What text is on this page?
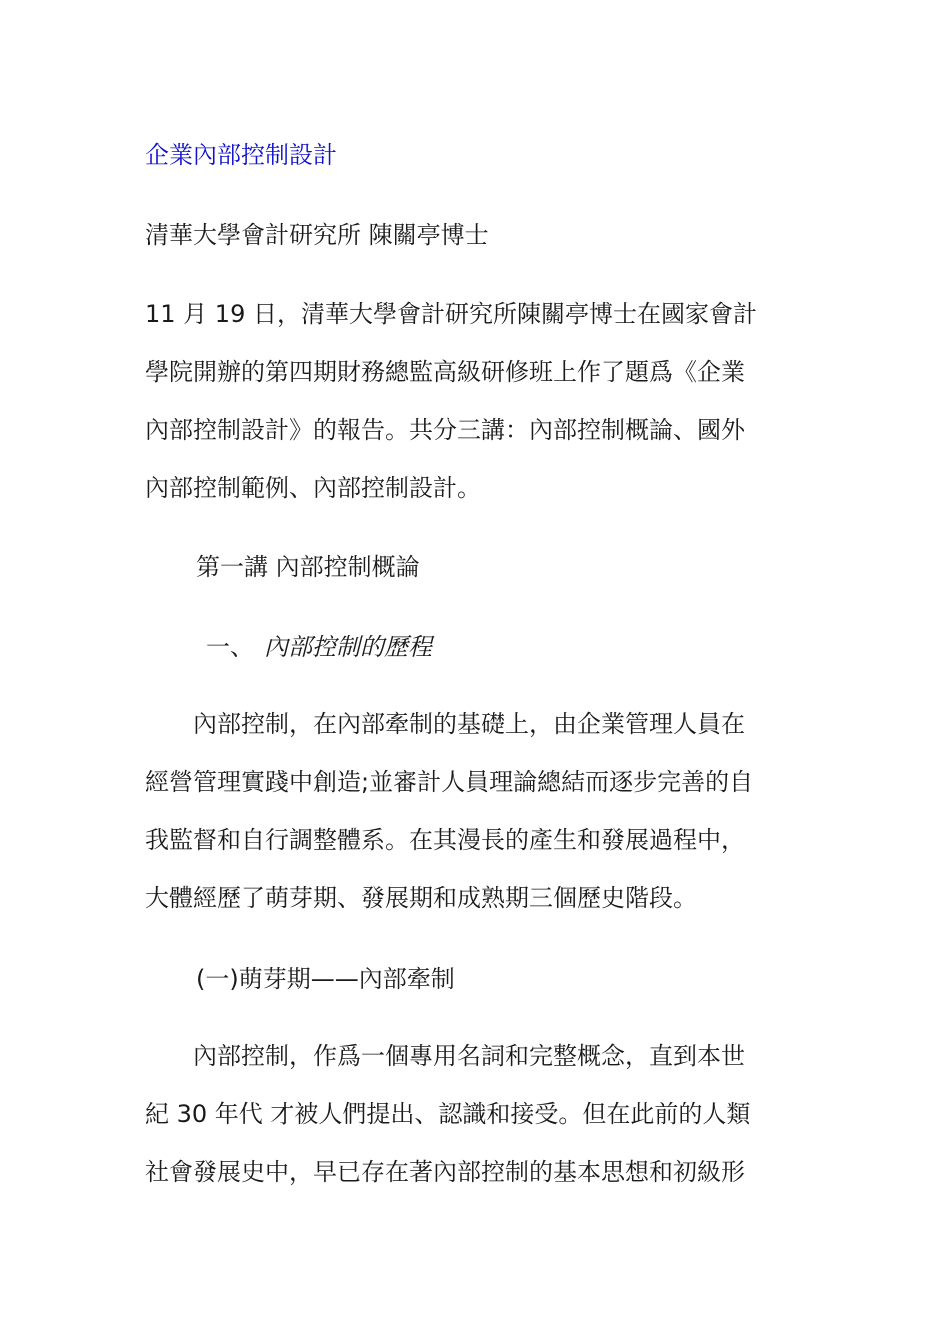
企業內部控制設計
清華大學會計研究所 陳關亭博士
11 月 19 日，清華大學會計研究所陳關亭博士在國家會計
學院開辦的第四期財務總監高級研修班上作了題爲《企業
內部控制設計》的報告。共分三講：內部控制概論、國外
內部控制範例、內部控制設計。
第一講 內部控制概論
一、 內部控制的歷程
　　內部控制，在內部牽制的基礎上，由企業管理人員在
經營管理實踐中創造;並審計人員理論總結而逐步完善的自
我監督和自行調整體系。在其漫長的產生和發展過程中，
大體經歷了萌芽期、發展期和成熟期三個歷史階段。
(一)萌芽期——內部牽制
　　內部控制，作爲一個專用名詞和完整概念，直到本世
紀 30 年代 才被人們提出、認識和接受。但在此前的人類
社會發展史中，早已存在著內部控制的基本思想和初級形
